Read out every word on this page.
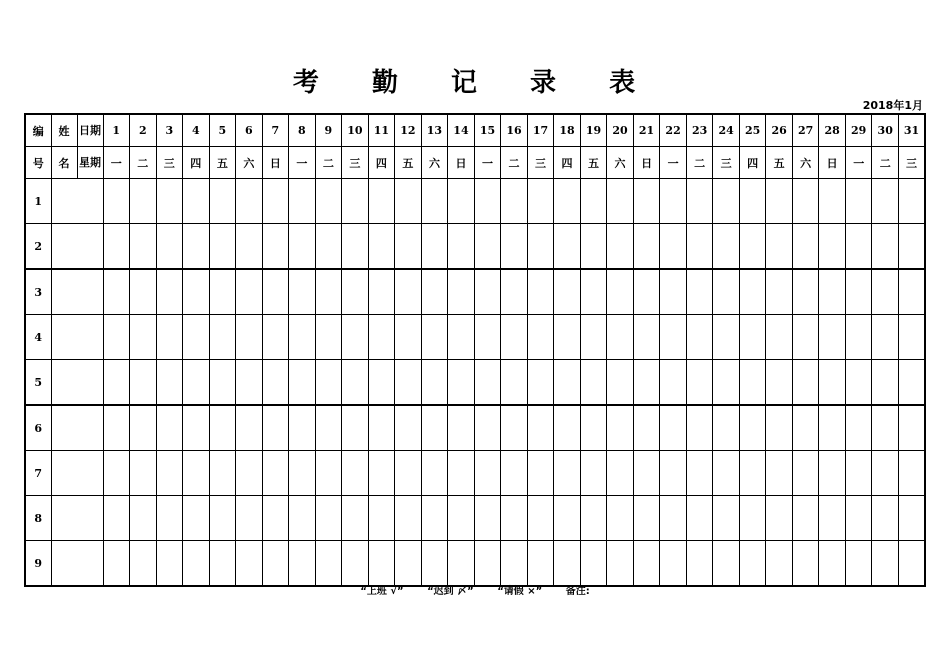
考 勤 记 录 表
2018年1月
编	姓	日期	1	2	3	4	5	6	7	8	9	10	11	12	13	14	15	16	17	18	19	20	21	22	23	24	25	26	27	28	29	30	31
号	名	星期	一	二	三	四	五	六	日	一	二	三	四	五	六	日	一	二	三	四	五	六	日	一	二	三	四	五	六	日	一	二	三
1																																	
2																																	
3																																	
4																																	
5																																	
6																																	
7																																	
8																																	
9																																	
“上班 √” “迟到 〆” “请假 ×” 备注:
